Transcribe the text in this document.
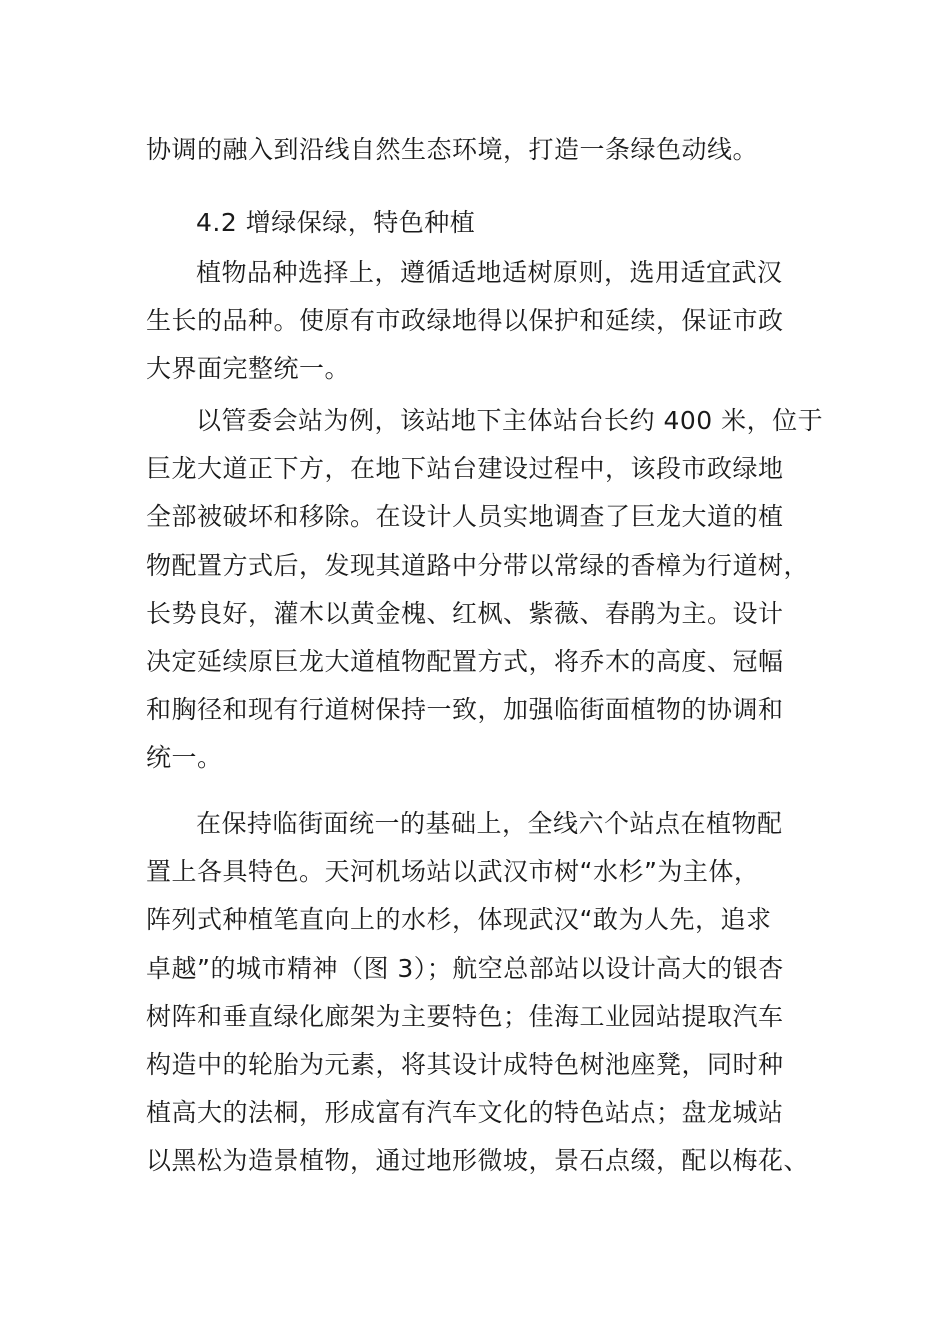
协调的融入到沿线自然生态环境，打造一条绿色动线。
4.2 增绿保绿，特色种植
植物品种选择上，遵循适地适树原则，选用适宜武汉
生长的品种。使原有市政绿地得以保护和延续，保证市政
大界面完整统一。
以管委会站为例，该站地下主体站台长约 400 米，位于
巨龙大道正下方，在地下站台建设过程中，该段市政绿地
全部被破坏和移除。在设计人员实地调查了巨龙大道的植
物配置方式后，发现其道路中分带以常绿的香樟为行道树，
长势良好，灌木以黄金槐、红枫、紫薇、春鹃为主。设计
决定延续原巨龙大道植物配置方式，将乔木的高度、冠幅
和胸径和现有行道树保持一致，加强临街面植物的协调和
统一。
在保持临街面统一的基础上，全线六个站点在植物配
置上各具特色。天河机场站以武汉市树“水杉”为主体，
阵列式种植笔直向上的水杉，体现武汉“敢为人先，追求
卓越”的城市精神（图 3）；航空总部站以设计高大的银杏
树阵和垂直绿化廊架为主要特色；佳海工业园站提取汽车
构造中的轮胎为元素，将其设计成特色树池座凳，同时种
植高大的法桐，形成富有汽车文化的特色站点；盘龙城站
以黑松为造景植物，通过地形微坡，景石点缀，配以梅花、
